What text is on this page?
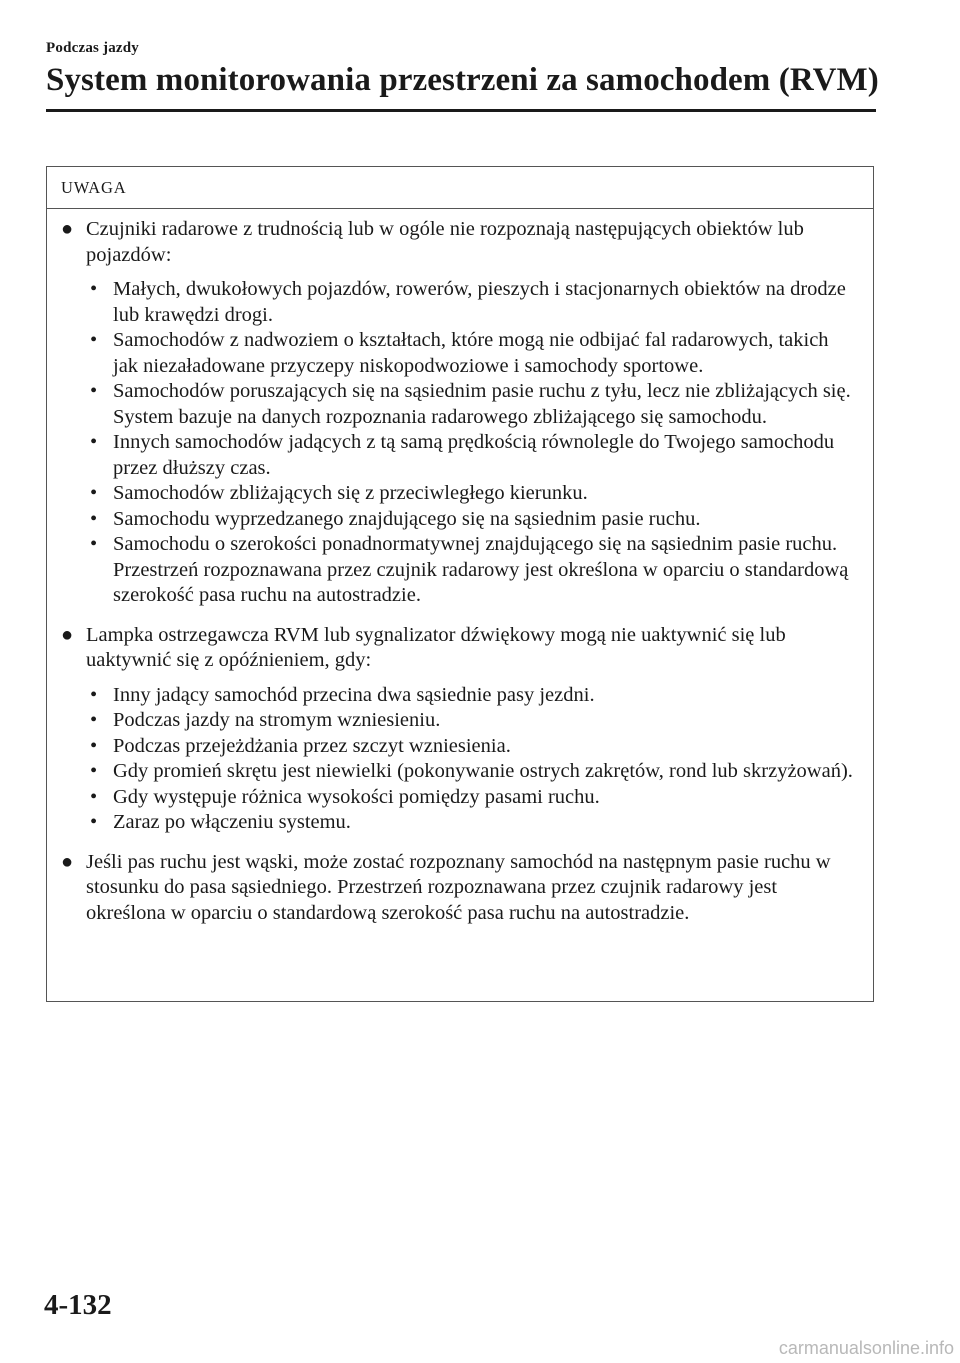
Podczas jazdy
System monitorowania przestrzeni za samochodem (RVM)
UWAGA
● Czujniki radarowe z trudnością lub w ogóle nie rozpoznają następujących obiektów lub pojazdów:
• Małych, dwukołowych pojazdów, rowerów, pieszych i stacjonarnych obiektów na drodze lub krawędzi drogi.
• Samochodów z nadwoziem o kształtach, które mogą nie odbijać fal radarowych, takich jak niezaładowane przyczepy niskopodwoziowe i samochody sportowe.
• Samochodów poruszających się na sąsiednim pasie ruchu z tyłu, lecz nie zbliżających się. System bazuje na danych rozpoznania radarowego zbliżającego się samochodu.
• Innych samochodów jadących z tą samą prędkością równolegle do Twojego samochodu przez dłuższy czas.
• Samochodów zbliżających się z przeciwległego kierunku.
• Samochodu wyprzedzanego znajdującego się na sąsiednim pasie ruchu.
• Samochodu o szerokości ponadnormatywnej znajdującego się na sąsiednim pasie ruchu. Przestrzeń rozpoznawana przez czujnik radarowy jest określona w oparciu o standardową szerokość pasa ruchu na autostradzie.
● Lampka ostrzegawcza RVM lub sygnalizator dźwiękowy mogą nie uaktywnić się lub uaktywnić się z opóźnieniem, gdy:
• Inny jadący samochód przecina dwa sąsiednie pasy jezdni.
• Podczas jazdy na stromym wzniesieniu.
• Podczas przejeżdżania przez szczyt wzniesienia.
• Gdy promień skrętu jest niewielki (pokonywanie ostrych zakrętów, rond lub skrzyżowań).
• Gdy występuje różnica wysokości pomiędzy pasami ruchu.
• Zaraz po włączeniu systemu.
● Jeśli pas ruchu jest wąski, może zostać rozpoznany samochód na następnym pasie ruchu w stosunku do pasa sąsiedniego. Przestrzeń rozpoznawana przez czujnik radarowy jest określona w oparciu o standardową szerokość pasa ruchu na autostradzie.
4-132
carmanualsonline.info
